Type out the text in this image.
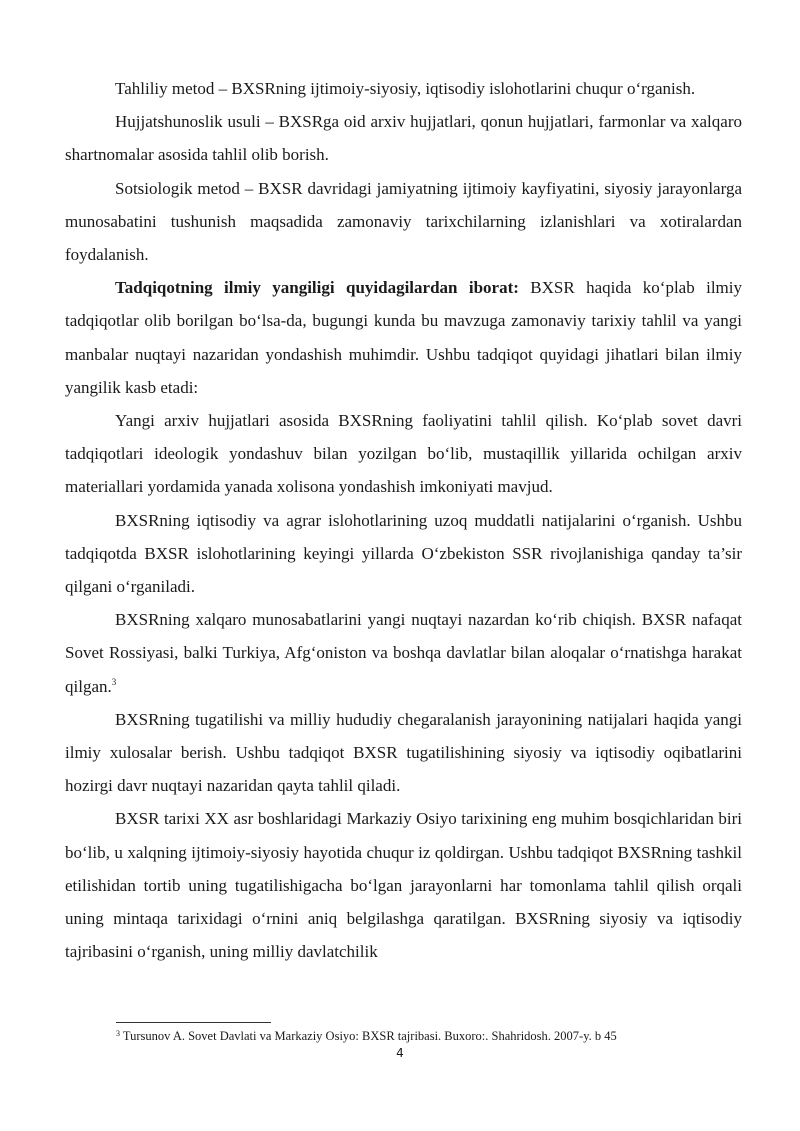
Tahliliy metod – BXSRning ijtimoiy-siyosiy, iqtisodiy islohotlarini chuqur o‘rganish.

Hujjatshunoslik usuli – BXSRga oid arxiv hujjatlari, qonun hujjatlari, farmonlar va xalqaro shartnomalar asosida tahlil olib borish.

Sotsiologik metod – BXSR davridagi jamiyatning ijtimoiy kayfiyatini, siyosiy jarayonlarga munosabatini tushunish maqsadida zamonaviy tarixchilarning izlanishlari va xotiralardan foydalanish.

Tadqiqotning ilmiy yangiligi quyidagilardan iborat: BXSR haqida ko‘plab ilmiy tadqiqotlar olib borilgan bo‘lsa-da, bugungi kunda bu mavzuga zamonaviy tarixiy tahlil va yangi manbalar nuqtayi nazaridan yondashish muhimdir. Ushbu tadqiqot quyidagi jihatlari bilan ilmiy yangilik kasb etadi:

Yangi arxiv hujjatlari asosida BXSRning faoliyatini tahlil qilish. Ko‘plab sovet davri tadqiqotlari ideologik yondashuv bilan yozilgan bo‘lib, mustaqillik yillarida ochilgan arxiv materiallari yordamida yanada xolisona yondashish imkoniyati mavjud.

BXSRning iqtisodiy va agrar islohotlarining uzoq muddatli natijalarini o‘rganish. Ushbu tadqiqotda BXSR islohotlarining keyingi yillarda O‘zbekiston SSR rivojlanishiga qanday ta’sir qilgani o‘rganiladi.

BXSRning xalqaro munosabatlarini yangi nuqtayi nazardan ko‘rib chiqish. BXSR nafaqat Sovet Rossiyasi, balki Turkiya, Afg‘oniston va boshqa davlatlar bilan aloqalar o‘rnatishga harakat qilgan.$^3$

BXSRning tugatilishi va milliy hududiy chegaralanish jarayonining natijalari haqida yangi ilmiy xulosalar berish. Ushbu tadqiqot BXSR tugatilishining siyosiy va iqtisodiy oqibatlarini hozirgi davr nuqtayi nazaridan qayta tahlil qiladi.

BXSR tarixi XX asr boshlaridagi Markaziy Osiyo tarixining eng muhim bosqichlaridan biri bo‘lib, u xalqning ijtimoiy-siyosiy hayotida chuqur iz qoldirgan. Ushbu tadqiqot BXSRning tashkil etilishidan tortib uning tugatilishigacha bo‘lgan jarayonlarni har tomonlama tahlil qilish orqali uning mintaqa tarixidagi o‘rnini aniq belgilashga qaratilgan. BXSRning siyosiy va iqtisodiy tajribasini o‘rganish, uning milliy davlatchilik

$^3$ Tursunov A. Sovet Davlati va Markaziy Osiyo: BXSR tajribasi. Buxoro:. Shahridosh. 2007-y. b 45
4
